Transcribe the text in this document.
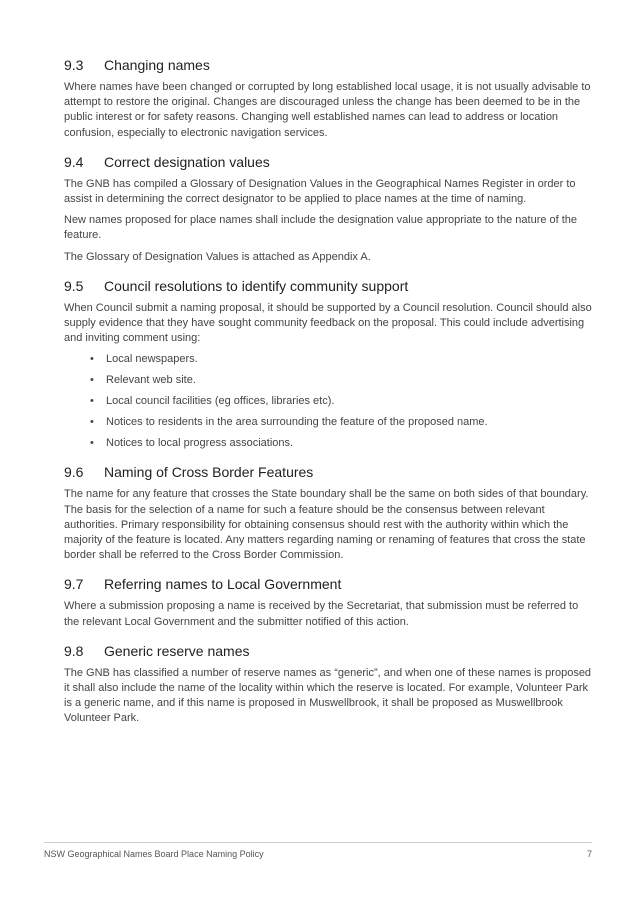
9.3	Changing names

Where names have been changed or corrupted by long established local usage, it is not usually advisable to attempt to restore the original. Changes are discouraged unless the change has been deemed to be in the public interest or for safety reasons. Changing well established names can lead to address or location confusion, especially to electronic navigation services.

9.4	Correct designation values

The GNB has compiled a Glossary of Designation Values in the Geographical Names Register in order to assist in determining the correct designator to be applied to place names at the time of naming.

New names proposed for place names shall include the designation value appropriate to the nature of the feature.

The Glossary of Designation Values is attached as Appendix A.

9.5	Council resolutions to identify community support

When Council submit a naming proposal, it should be supported by a Council resolution. Council should also supply evidence that they have sought community feedback on the proposal. This could include advertising and inviting comment using:

• Local newspapers.
• Relevant web site.
• Local council facilities (eg offices, libraries etc).
• Notices to residents in the area surrounding the feature of the proposed name.
• Notices to local progress associations.
9.6	Naming of Cross Border Features

The name for any feature that crosses the State boundary shall be the same on both sides of that boundary. The basis for the selection of a name for such a feature should be the consensus between relevant authorities. Primary responsibility for obtaining consensus should rest with the authority within which the majority of the feature is located. Any matters regarding naming or renaming of features that cross the state border shall be referred to the Cross Border Commission.

9.7	Referring names to Local Government

Where a submission proposing a name is received by the Secretariat, that submission must be referred to the relevant Local Government and the submitter notified of this action.

9.8	Generic reserve names

The GNB has classified a number of reserve names as “generic”, and when one of these names is proposed it shall also include the name of the locality within which the reserve is located. For example, Volunteer Park is a generic name, and if this name is proposed in Muswellbrook, it shall be proposed as Muswellbrook Volunteer Park.

NSW Geographical Names Board Place Naming Policy	7
